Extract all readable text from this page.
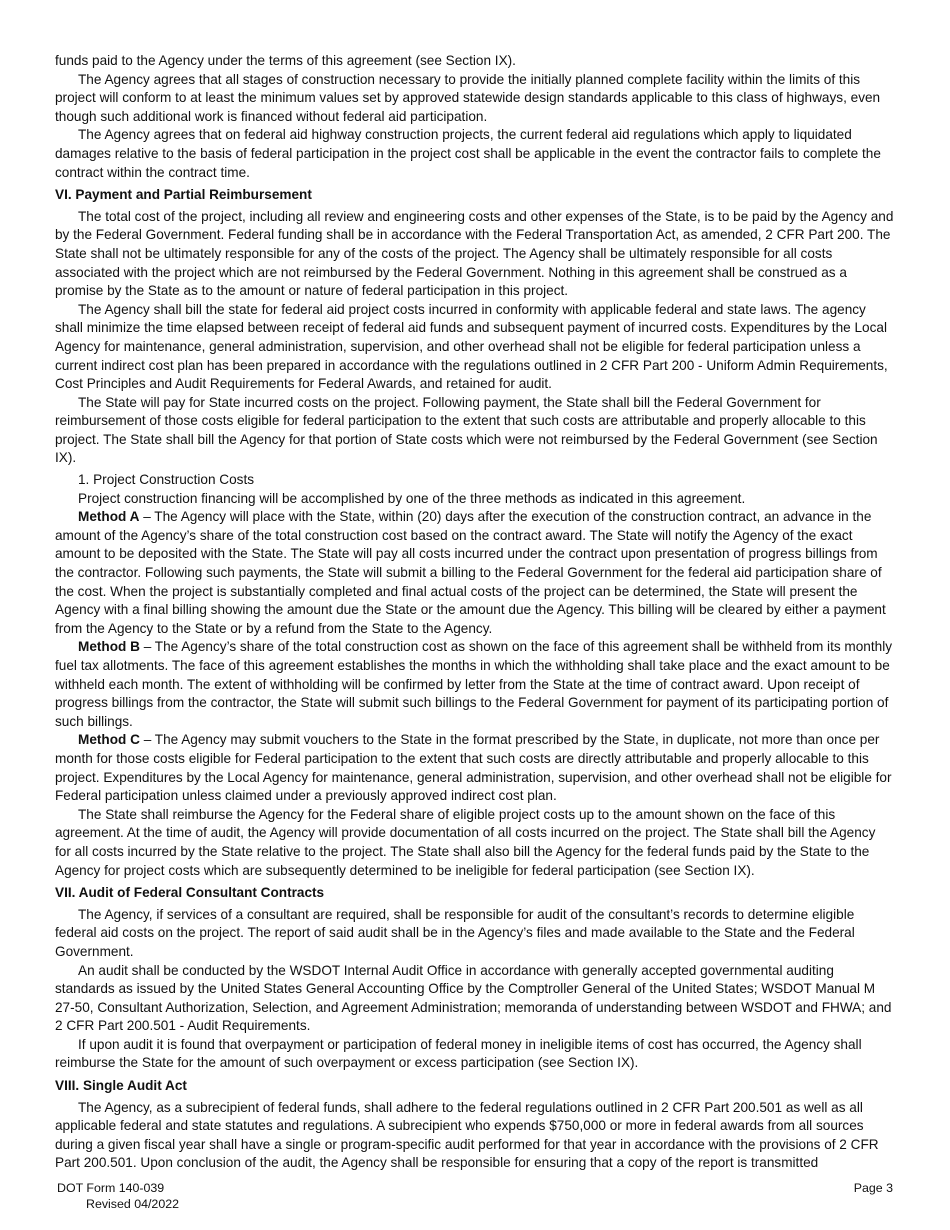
funds paid to the Agency under the terms of this agreement (see Section IX).

The Agency agrees that all stages of construction necessary to provide the initially planned complete facility within the limits of this project will conform to at least the minimum values set by approved statewide design standards applicable to this class of highways, even though such additional work is financed without federal aid participation.

The Agency agrees that on federal aid highway construction projects, the current federal aid regulations which apply to liquidated damages relative to the basis of federal participation in the project cost shall be applicable in the event the contractor fails to complete the contract within the contract time.

VI. Payment and Partial Reimbursement

The total cost of the project, including all review and engineering costs and other expenses of the State, is to be paid by the Agency and by the Federal Government. Federal funding shall be in accordance with the Federal Transportation Act, as amended, 2 CFR Part 200. The State shall not be ultimately responsible for any of the costs of the project. The Agency shall be ultimately responsible for all costs associated with the project which are not reimbursed by the Federal Government. Nothing in this agreement shall be construed as a promise by the State as to the amount or nature of federal participation in this project.

The Agency shall bill the state for federal aid project costs incurred in conformity with applicable federal and state laws. The agency shall minimize the time elapsed between receipt of federal aid funds and subsequent payment of incurred costs. Expenditures by the Local Agency for maintenance, general administration, supervision, and other overhead shall not be eligible for federal participation unless a current indirect cost plan has been prepared in accordance with the regulations outlined in 2 CFR Part 200 - Uniform Admin Requirements, Cost Principles and Audit Requirements for Federal Awards, and retained for audit.

The State will pay for State incurred costs on the project. Following payment, the State shall bill the Federal Government for reimbursement of those costs eligible for federal participation to the extent that such costs are attributable and properly allocable to this project. The State shall bill the Agency for that portion of State costs which were not reimbursed by the Federal Government (see Section IX).

1. Project Construction Costs

Project construction financing will be accomplished by one of the three methods as indicated in this agreement.

Method A – The Agency will place with the State, within (20) days after the execution of the construction contract, an advance in the amount of the Agency’s share of the total construction cost based on the contract award. The State will notify the Agency of the exact amount to be deposited with the State. The State will pay all costs incurred under the contract upon presentation of progress billings from the contractor. Following such payments, the State will submit a billing to the Federal Government for the federal aid participation share of the cost. When the project is substantially completed and final actual costs of the project can be determined, the State will present the Agency with a final billing showing the amount due the State or the amount due the Agency. This billing will be cleared by either a payment from the Agency to the State or by a refund from the State to the Agency.

Method B – The Agency’s share of the total construction cost as shown on the face of this agreement shall be withheld from its monthly fuel tax allotments. The face of this agreement establishes the months in which the withholding shall take place and the exact amount to be withheld each month. The extent of withholding will be confirmed by letter from the State at the time of contract award. Upon receipt of progress billings from the contractor, the State will submit such billings to the Federal Government for payment of its participating portion of such billings.

Method C – The Agency may submit vouchers to the State in the format prescribed by the State, in duplicate, not more than once per month for those costs eligible for Federal participation to the extent that such costs are directly attributable and properly allocable to this project. Expenditures by the Local Agency for maintenance, general administration, supervision, and other overhead shall not be eligible for Federal participation unless claimed under a previously approved indirect cost plan.

The State shall reimburse the Agency for the Federal share of eligible project costs up to the amount shown on the face of this agreement. At the time of audit, the Agency will provide documentation of all costs incurred on the project. The State shall bill the Agency for all costs incurred by the State relative to the project. The State shall also bill the Agency for the federal funds paid by the State to the Agency for project costs which are subsequently determined to be ineligible for federal participation (see Section IX).

VII. Audit of Federal Consultant Contracts

The Agency, if services of a consultant are required, shall be responsible for audit of the consultant’s records to determine eligible federal aid costs on the project. The report of said audit shall be in the Agency’s files and made available to the State and the Federal Government.

An audit shall be conducted by the WSDOT Internal Audit Office in accordance with generally accepted governmental auditing standards as issued by the United States General Accounting Office by the Comptroller General of the United States; WSDOT Manual M 27-50, Consultant Authorization, Selection, and Agreement Administration; memoranda of understanding between WSDOT and FHWA; and 2 CFR Part 200.501 - Audit Requirements.

If upon audit it is found that overpayment or participation of federal money in ineligible items of cost has occurred, the Agency shall reimburse the State for the amount of such overpayment or excess participation (see Section IX).

VIII. Single Audit Act

The Agency, as a subrecipient of federal funds, shall adhere to the federal regulations outlined in 2 CFR Part 200.501 as well as all applicable federal and state statutes and regulations. A subrecipient who expends $750,000 or more in federal awards from all sources during a given fiscal year shall have a single or program-specific audit performed for that year in accordance with the provisions of 2 CFR Part 200.501. Upon conclusion of the audit, the Agency shall be responsible for ensuring that a copy of the report is transmitted

DOT Form 140-039
Revised 04/2022
Page 3
